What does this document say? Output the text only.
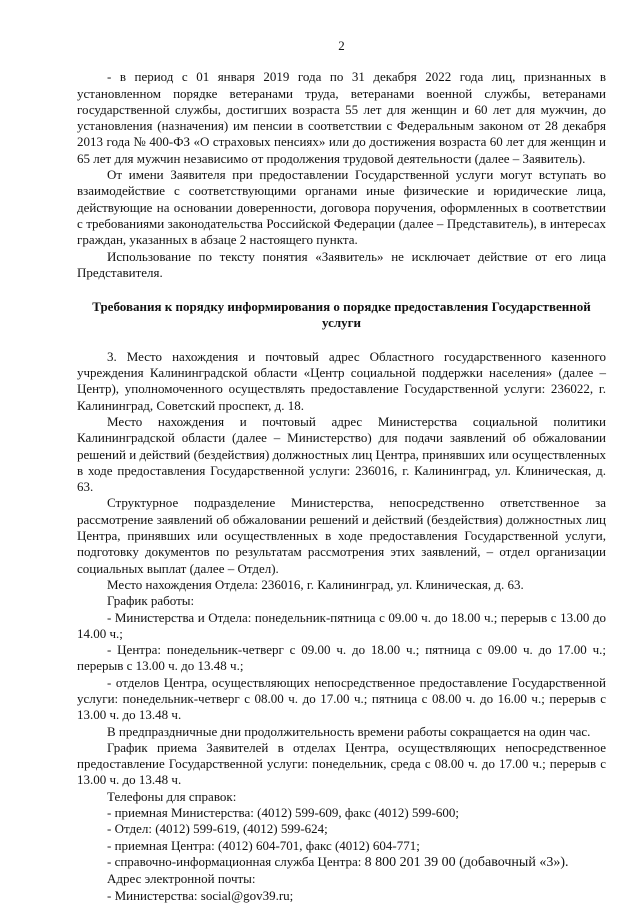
2

- в период с 01 января 2019 года по 31 декабря 2022 года лиц, признанных в установленном порядке ветеранами труда, ветеранами военной службы, ветеранами государственной службы, достигших возраста 55 лет для женщин и 60 лет для мужчин, до установления (назначения) им пенсии в соответствии с Федеральным законом от 28 декабря 2013 года № 400-ФЗ «О страховых пенсиях» или до достижения возраста 60 лет для женщин и 65 лет для мужчин независимо от продолжения трудовой деятельности (далее – Заявитель).

От имени Заявителя при предоставлении Государственной услуги могут вступать во взаимодействие с соответствующими органами иные физические и юридические лица, действующие на основании доверенности, договора поручения, оформленных в соответствии с требованиями законодательства Российской Федерации (далее – Представитель), в интересах граждан, указанных в абзаце 2 настоящего пункта.

Использование по тексту понятия «Заявитель» не исключает действие от его лица Представителя.

Требования к порядку информирования о порядке предоставления Государственной услуги

3. Место нахождения и почтовый адрес Областного государственного казенного учреждения Калининградской области «Центр социальной поддержки населения» (далее – Центр), уполномоченного осуществлять предоставление Государственной услуги: 236022, г. Калининград, Советский проспект, д. 18.

Место нахождения и почтовый адрес Министерства социальной политики Калининградской области (далее – Министерство) для подачи заявлений об обжаловании решений и действий (бездействия) должностных лиц Центра, принявших или осуществленных в ходе предоставления Государственной услуги: 236016, г. Калининград, ул. Клиническая, д. 63.

Структурное подразделение Министерства, непосредственно ответственное за рассмотрение заявлений об обжаловании решений и действий (бездействия) должностных лиц Центра, принявших или осуществленных в ходе предоставления Государственной услуги, подготовку документов по результатам рассмотрения этих заявлений, – отдел организации социальных выплат (далее – Отдел).

Место нахождения Отдела: 236016, г. Калининград, ул. Клиническая, д. 63.

График работы:

- Министерства и Отдела: понедельник-пятница с 09.00 ч. до 18.00 ч.; перерыв с 13.00 до 14.00 ч.;

- Центра: понедельник-четверг с 09.00 ч. до 18.00 ч.; пятница с 09.00 ч. до 17.00 ч.; перерыв с 13.00 ч. до 13.48 ч.;

- отделов Центра, осуществляющих непосредственное предоставление Государственной услуги: понедельник-четверг с 08.00 ч. до 17.00 ч.; пятница с 08.00 ч. до 16.00 ч.; перерыв с 13.00 ч. до 13.48 ч.

В предпраздничные дни продолжительность времени работы сокращается на один час.

График приема Заявителей в отделах Центра, осуществляющих непосредственное предоставление Государственной услуги: понедельник, среда с 08.00 ч. до 17.00 ч.; перерыв с 13.00 ч. до 13.48 ч.

Телефоны для справок:

- приемная Министерства: (4012) 599-609, факс (4012) 599-600;

- Отдел: (4012) 599-619, (4012) 599-624;

- приемная Центра: (4012) 604-701, факс (4012) 604-771;

- справочно-информационная служба Центра: 8 800 201 39 00 (добавочный «3»).

Адрес электронной почты:

- Министерства: social@gov39.ru;
